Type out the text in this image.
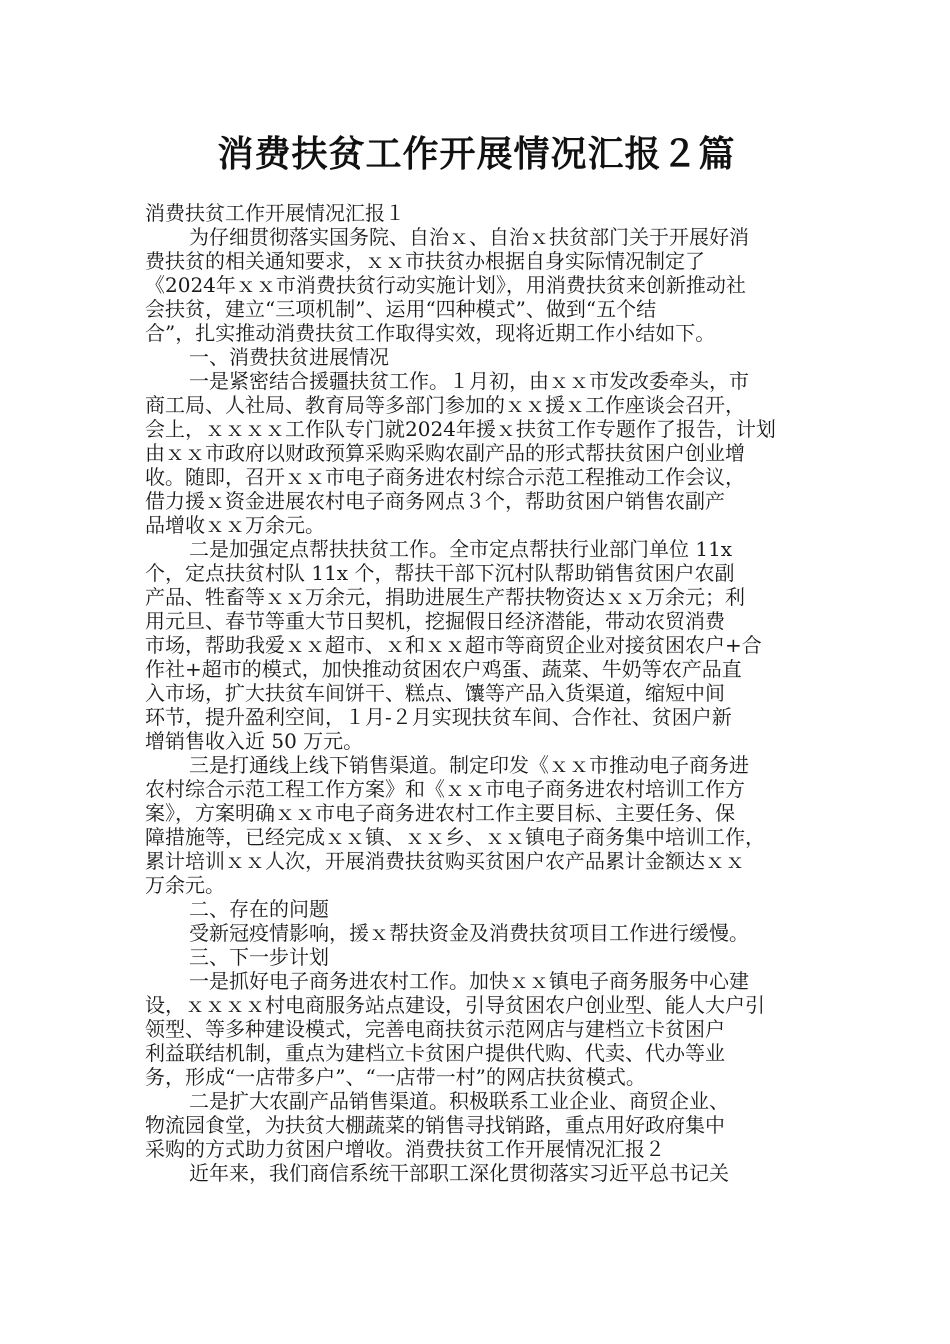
消费扶贫工作开展情况汇报２篇
消费扶贫工作开展情况汇报１
为仔细贯彻落实国务院、自治ｘ、自治ｘ扶贫部门关于开展好消
费扶贫的相关通知要求，ｘｘ市扶贫办根据自身实际情况制定了
《2024年ｘｘ市消费扶贫行动实施计划》，用消费扶贫来创新推动社
会扶贫，建立“三项机制”、运用“四种模式”、做到“五个结
合”，扎实推动消费扶贫工作取得实效，现将近期工作小结如下。
一、消费扶贫进展情况
一是紧密结合援疆扶贫工作。１月初，由ｘｘ市发改委牵头，市
商工局、人社局、教育局等多部门参加的ｘｘ援ｘ工作座谈会召开，
会上，ｘｘｘｘ工作队专门就2024年援ｘ扶贫工作专题作了报告，计划
由ｘｘ市政府以财政预算采购采购农副产品的形式帮扶贫困户创业增
收。随即，召开ｘｘ市电子商务进农村综合示范工程推动工作会议，
借力援ｘ资金进展农村电子商务网点３个，帮助贫困户销售农副产
品增收ｘｘ万余元。
二是加强定点帮扶扶贫工作。全市定点帮扶行业部门单位 11x
个，定点扶贫村队 11x 个，帮扶干部下沉村队帮助销售贫困户农副
产品、牲畜等ｘｘ万余元，捐助进展生产帮扶物资达ｘｘ万余元；利
用元旦、春节等重大节日契机，挖掘假日经济潜能，带动农贸消费
市场，帮助我爱ｘｘ超市、ｘ和ｘｘ超市等商贸企业对接贫困农户+合
作社+超市的模式，加快推动贫困农户鸡蛋、蔬菜、牛奶等农产品直
入市场，扩大扶贫车间饼干、糕点、馕等产品入货渠道，缩短中间
环节，提升盈利空间，１月-２月实现扶贫车间、合作社、贫困户新
增销售收入近 50 万元。
三是打通线上线下销售渠道。制定印发《ｘｘ市推动电子商务进
农村综合示范工程工作方案》和《ｘｘ市电子商务进农村培训工作方
案》，方案明确ｘｘ市电子商务进农村工作主要目标、主要任务、保
障措施等，已经完成ｘｘ镇、ｘｘ乡、ｘｘ镇电子商务集中培训工作，
累计培训ｘｘ人次，开展消费扶贫购买贫困户农产品累计金额达ｘｘ
万余元。
二、存在的问题
受新冠疫情影响，援ｘ帮扶资金及消费扶贫项目工作进行缓慢。
三、下一步计划
一是抓好电子商务进农村工作。加快ｘｘ镇电子商务服务中心建
设，ｘｘｘｘ村电商服务站点建设，引导贫困农户创业型、能人大户引
领型、等多种建设模式，完善电商扶贫示范网店与建档立卡贫困户
利益联结机制，重点为建档立卡贫困户提供代购、代卖、代办等业
务，形成“一店带多户”、“一店带一村”的网店扶贫模式。
二是扩大农副产品销售渠道。积极联系工业企业、商贸企业、
物流园食堂，为扶贫大棚蔬菜的销售寻找销路，重点用好政府集中
采购的方式助力贫困户增收。消费扶贫工作开展情况汇报２
近年来，我们商信系统干部职工深化贯彻落实习近平总书记关
